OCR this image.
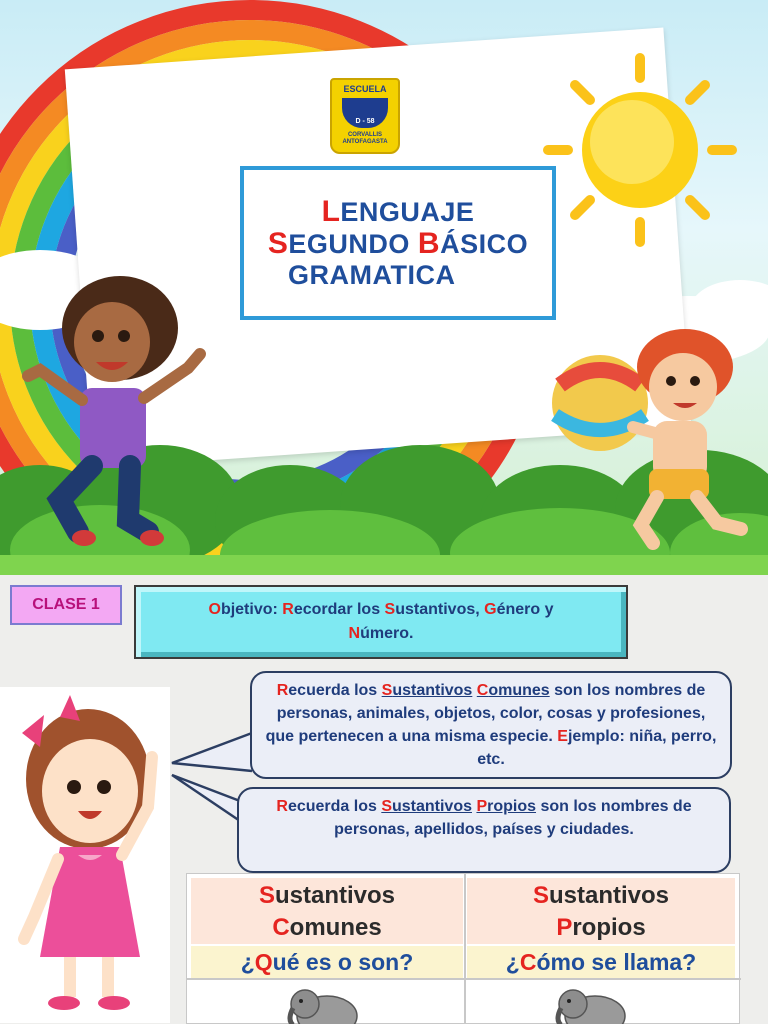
ESCUELA
D - 58
CORVALLIS
ANTOFAGASTA
LENGUAJE
SEGUNDO BÁSICO
GRAMATICA
CLASE 1	Objetivo: Recordar los Sustantivos, Género y
Número.
Recuerda los Sustantivos Comunes son los nombres de personas, animales, objetos, color, cosas y profesiones, que pertenecen a una misma especie. Ejemplo: niña, perro, etc.
Recuerda los Sustantivos Propios son los nombres de personas, apellidos, países y ciudades.
Sustantivos
Comunes
Sustantivos
Propios
¿Qué es o son?	¿Cómo se llama?
